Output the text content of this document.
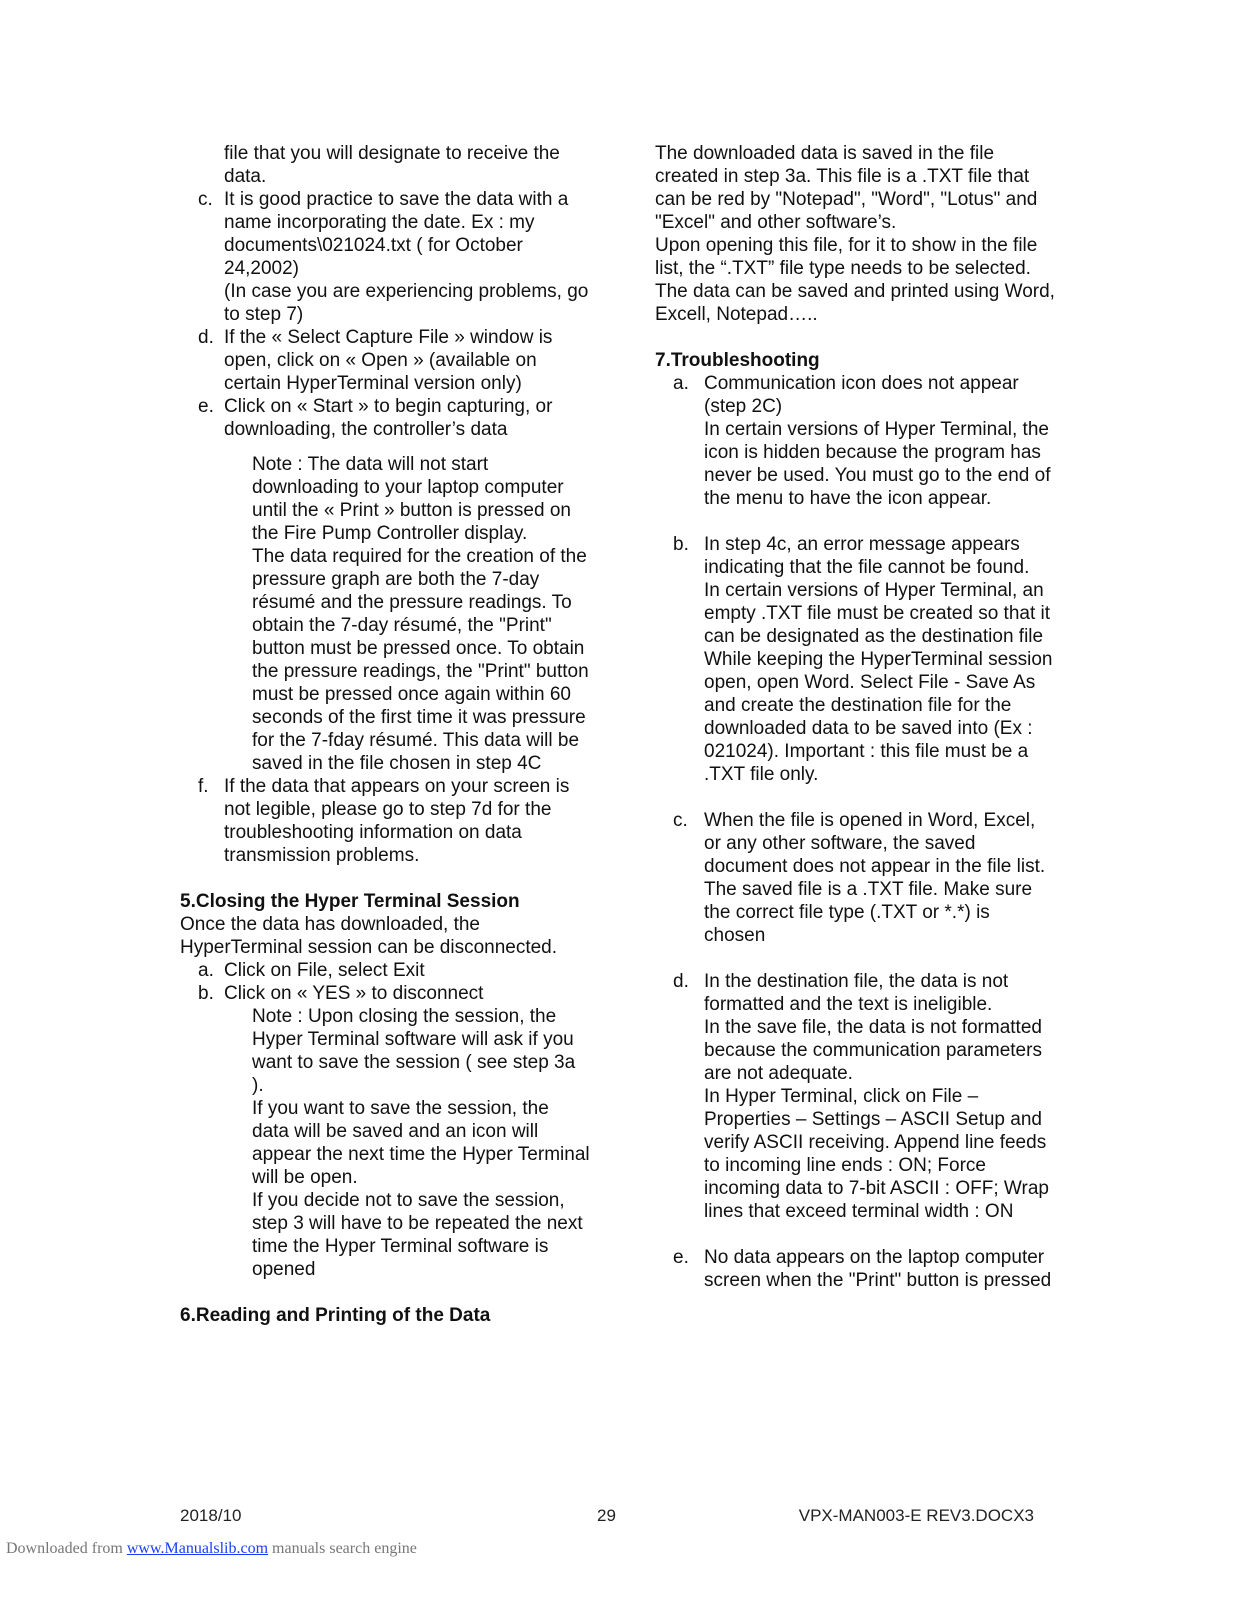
file that you will designate to receive the data.

c. It is good practice to save the data with a name incorporating the date. Ex : my documents\021024.txt ( for October 24,2002)
(In case you are experiencing problems, go to step 7)
d. If the « Select Capture File » window is open, click on « Open » (available on certain HyperTerminal version only)
e. Click on « Start » to begin capturing, or downloading, the controller’s data

Note : The data will not start downloading to your laptop computer until the « Print » button is pressed on the Fire Pump Controller display.

The data required for the creation of the pressure graph are both the 7-day résumé and the pressure readings. To obtain the 7-day résumé, the "Print" button must be pressed once. To obtain the pressure readings, the "Print" button must be pressed once again within 60 seconds of the first time it was pressure for the 7-fday résumé. This data will be saved in the file chosen in step 4C

f. If the data that appears on your screen is not legible, please go to step 7d for the troubleshooting information on data transmission problems.

5.Closing the Hyper Terminal Session

Once the data has downloaded, the HyperTerminal session can be disconnected.

a. Click on File, select Exit
b. Click on « YES » to disconnect

Note : Upon closing the session, the Hyper Terminal software will ask if you want to save the session ( see step 3a ).

If you want to save the session, the data will be saved and an icon will appear the next time the Hyper Terminal will be open.

If you decide not to save the session, step 3 will have to be repeated the next time the Hyper Terminal software is opened

6.Reading and Printing of the Data

The downloaded data is saved in the file created in step 3a. This file is a .TXT file that can be red by "Notepad", "Word", "Lotus" and "Excel" and other software’s.

Upon opening this file, for it to show in the file list, the “.TXT” file type needs to be selected.

The data can be saved and printed using Word, Excell, Notepad…..

7.Troubleshooting

a. Communication icon does not appear (step 2C)
In certain versions of Hyper Terminal, the icon is hidden because the program has never be used. You must go to the end of the menu to have the icon appear.
b. In step 4c, an error message appears indicating that the file cannot be found.
In certain versions of Hyper Terminal, an empty .TXT file must be created so that it can be designated as the destination file
While keeping the HyperTerminal session open, open Word. Select File - Save As and create the destination file for the downloaded data to be saved into (Ex : 021024). Important : this file must be a .TXT file only.
c. When the file is opened in Word, Excel, or any other software, the saved document does not appear in the file list.
The saved file is a .TXT file. Make sure the correct file type (.TXT or *.*) is chosen
d. In the destination file, the data is not formatted and the text is ineligible.
In the save file, the data is not formatted because the communication parameters are not adequate.
In Hyper Terminal, click on File – Properties – Settings – ASCII Setup and verify ASCII receiving. Append line feeds to incoming line ends : ON; Force incoming data to 7-bit ASCII : OFF; Wrap lines that exceed terminal width : ON
e. No data appears on the laptop computer screen when the "Print" button is pressed
2018/10	29	VPX-MAN003-E REV3.DOCX3
Downloaded from www.Manualslib.com manuals search engine
